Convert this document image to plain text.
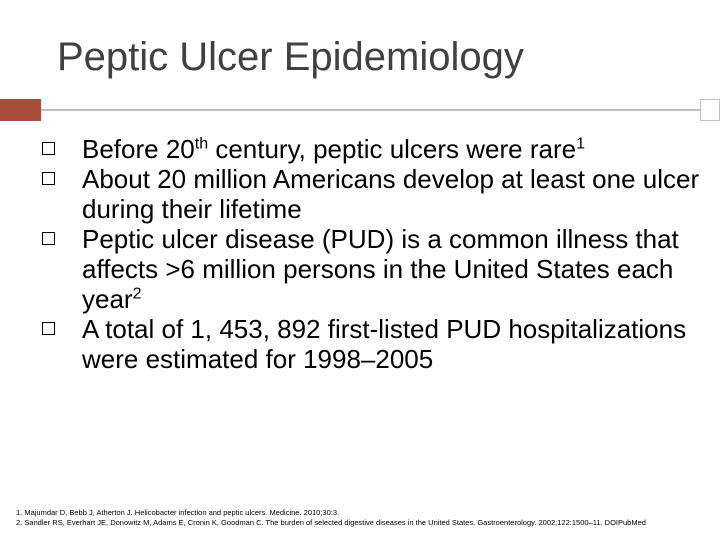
Peptic Ulcer Epidemiology
Before 20th century, peptic ulcers were rare$^1$
About 20 million Americans develop at least one ulcer during their lifetime
Peptic ulcer disease (PUD) is a common illness that affects >6 million persons in the United States each year$^2$
A total of 1, 453, 892 first-listed PUD hospitalizations were estimated for 1998–2005
1. Majumdar D, Bebb J, Atherton J. Helicobacter infection and peptic ulcers. Medicine. 2010;30:3.
2. Sandler RS, Everhart JE, Donowitz M, Adams E, Cronin K, Goodman C. The burden of selected digestive diseases in the United States. Gastroenterology. 2002;122:1500–11. DOIPubMed
